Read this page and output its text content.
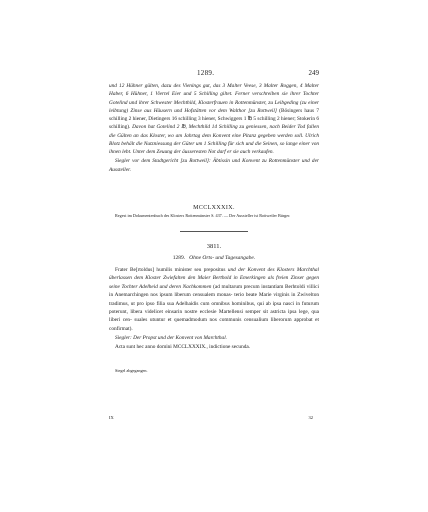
1289.	249

und 12 Hühner gülten, dazu des Vienings gut, das 3 Malter Veese, 3 Malter Roggen, 4 Malter Haber, 6 Hühner, 1 Viertel Eier und 5 Schilling giltet. Ferner verschreiben sie ihrer Tochter Gotelind und ihrer Schwester Mechthild, Klosterfrauen in Rottenmünster, zu Leibgeding (zu einer leibtung) Zinse aus Häusern und Hofstätten vor dem Walthor [zu Rottweil] (Bösingers haus 7 schilling 2 hiener, Dietingers 16 schilling 3 hiener, Schwiggers 1 ℔ 5 schilling 2 hiener; Stokerin 6 schilling). Davon hat Gotelind 2 ℔, Mechthild 14 Schilling zu geniessen, nach Beider Tod fallen die Gülten an das Kloster, wo am Jahrtag dem Konvent eine Pitanz gegeben werden soll. Ulrich Blotz behält die Nutzniessung der Güter um 1 Schilling für sich und die Seinen, so lange einer von ihnen lebt. Unter dem Zeuung der äusseresten Not darf er sie auch verkaufen.

Siegler vor dem Stadtgericht [zu Rottweil]: Äbtissin und Konvent zu Rottenmünster und der Aussteller.

MCCLXXXIX.
Regest im Dokumentenbuch des Klosters Rottenmünster S. 437. — Der Aussteller ist Rottweiler Bürger.
3811.
1289. Ohne Orts- und Tagesangabe.

Frater Be[rtoldus] humilis minister seu prepositus und der Konvent des Klosters Marchthal überlassen dem Kloster Zwiefalten den Maier Berthold in Emerkingen als freien Zinser gegen seine Tochter Adelheid und deren Nachkommen (ad multarum precum instantiam Berhtoldi villici in Anemarchingen nos ipsum liberum censualem monas- terio beate Marie virginis in Zwivelton tradimus, ut pro ipso filia sua Adelhaidis cum omnibus hominibus, qui ab ipsa nasci in futurum poterunt, libera videlicet einsarin nostre ecclesie Martellensi semper sit astricta ipsa lege, qua liberi cen- suales utuntur et quemadmodum nos communis censualium liberorum approbat et confirmat).

Siegler: Der Propst und der Konvent von Marchthal.

Acta sunt hec anno domini MCCLXXXIX., indictione secunda.

Siegel abgegangen.
IX	32
